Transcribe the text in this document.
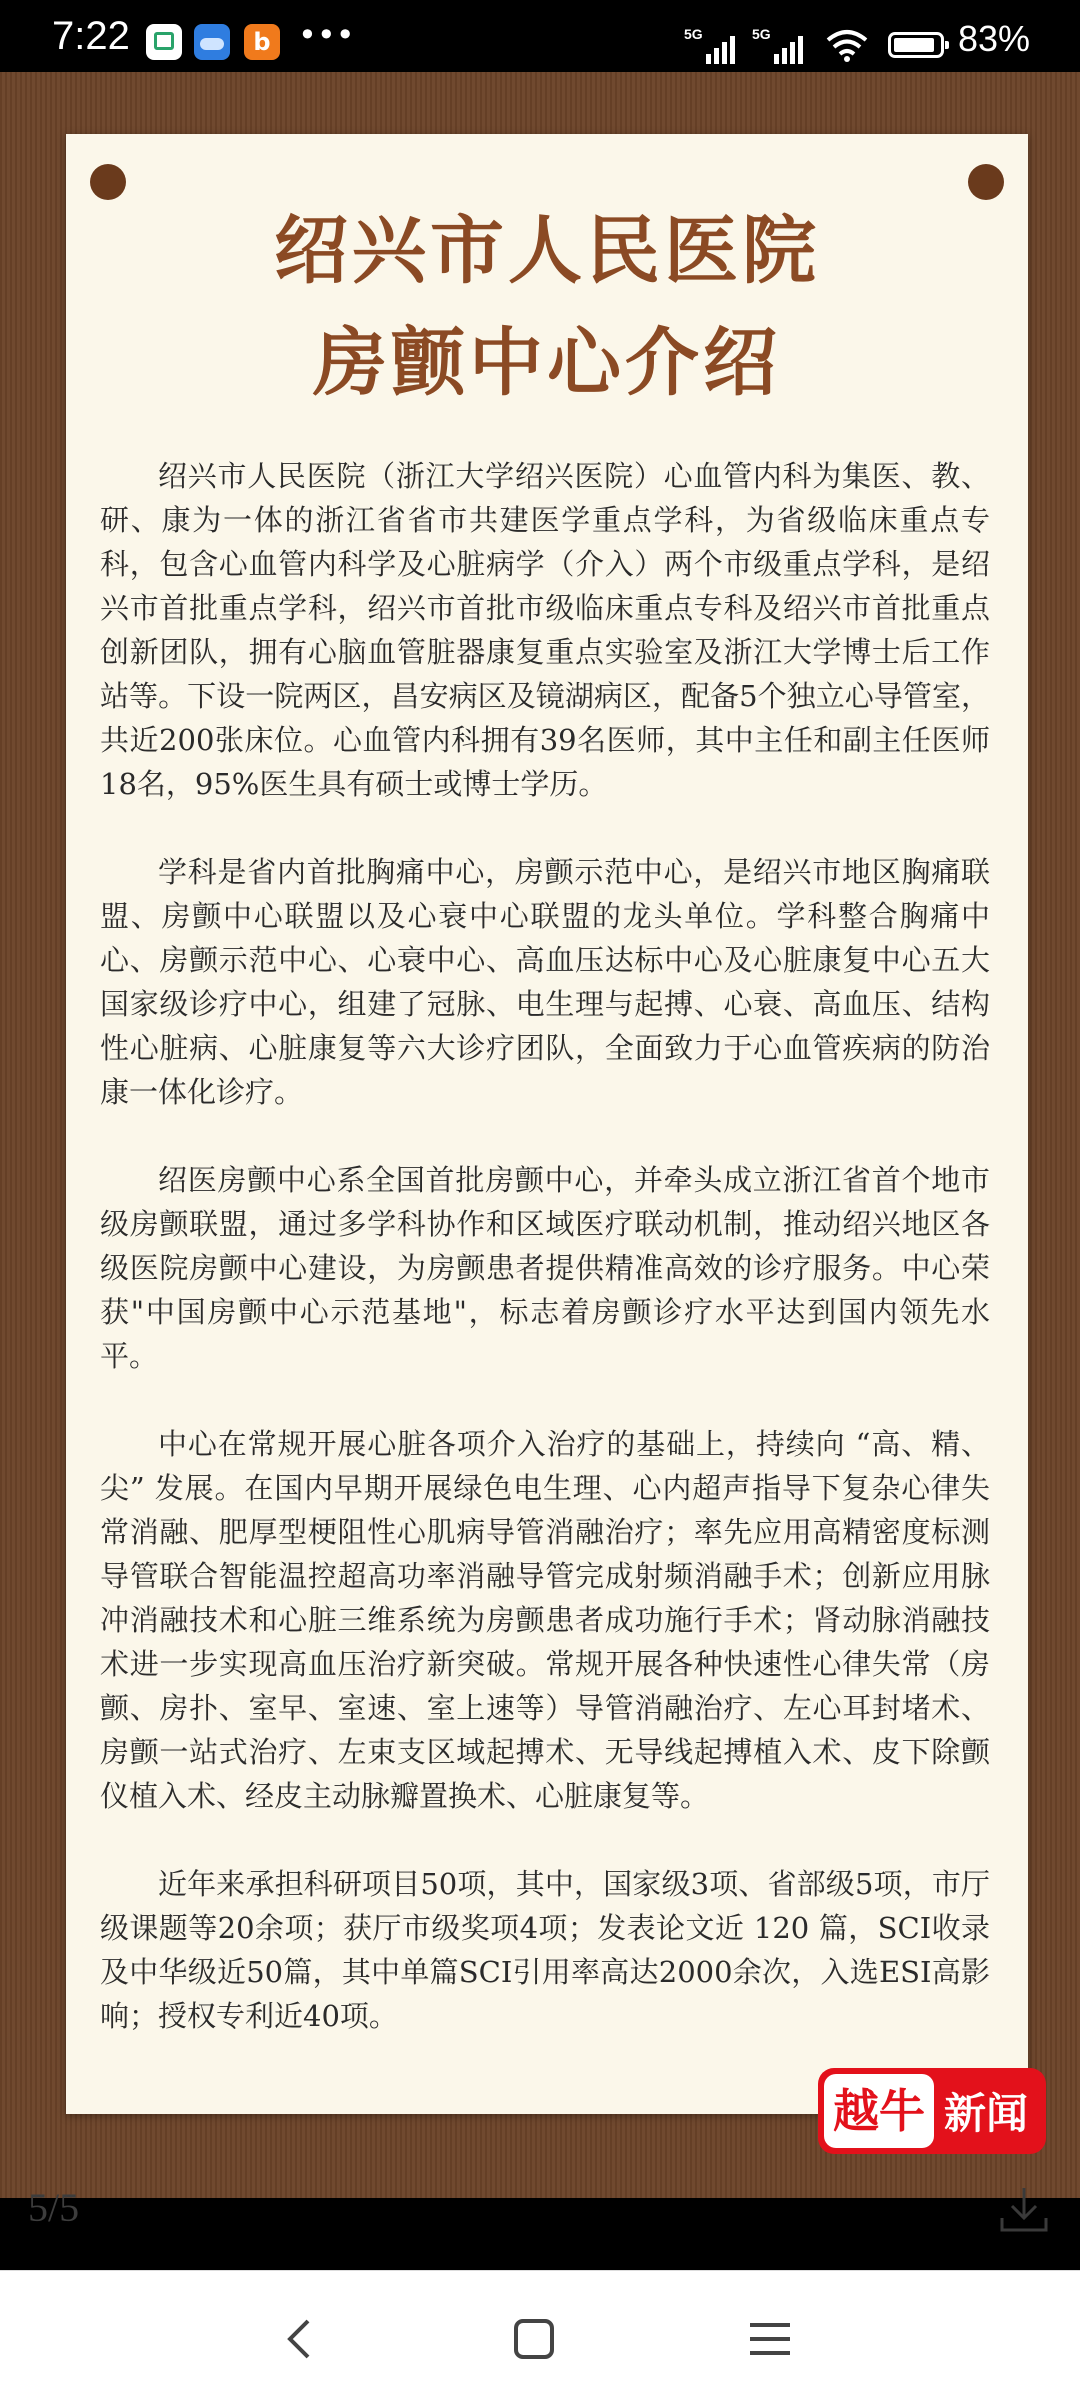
7:22	b •••	5G	5G	83%
绍兴市人民医院
房颤中心介绍

绍兴市人民医院（浙江大学绍兴医院）心血管内科为集医、教、研、康为一体的浙江省省市共建医学重点学科，为省级临床重点专科，包含心血管内科学及心脏病学（介入）两个市级重点学科，是绍兴市首批重点学科，绍兴市首批市级临床重点专科及绍兴市首批重点创新团队，拥有心脑血管脏器康复重点实验室及浙江大学博士后工作站等。下设一院两区，昌安病区及镜湖病区，配备5个独立心导管室，共近200张床位。心血管内科拥有39名医师，其中主任和副主任医师18名，95%医生具有硕士或博士学历。

学科是省内首批胸痛中心，房颤示范中心，是绍兴市地区胸痛联盟、房颤中心联盟以及心衰中心联盟的龙头单位。学科整合胸痛中心、房颤示范中心、心衰中心、高血压达标中心及心脏康复中心五大国家级诊疗中心，组建了冠脉、电生理与起搏、心衰、高血压、结构性心脏病、心脏康复等六大诊疗团队，全面致力于心血管疾病的防治康一体化诊疗。

绍医房颤中心系全国首批房颤中心，并牵头成立浙江省首个地市级房颤联盟，通过多学科协作和区域医疗联动机制，推动绍兴地区各级医院房颤中心建设，为房颤患者提供精准高效的诊疗服务。中心荣获"中国房颤中心示范基地"，标志着房颤诊疗水平达到国内领先水平。

中心在常规开展心脏各项介入治疗的基础上，持续向 “高、精、尖” 发展。在国内早期开展绿色电生理、心内超声指导下复杂心律失常消融、肥厚型梗阻性心肌病导管消融治疗；率先应用高精密度标测导管联合智能温控超高功率消融导管完成射频消融手术；创新应用脉冲消融技术和心脏三维系统为房颤患者成功施行手术；肾动脉消融技术进一步实现高血压治疗新突破。常规开展各种快速性心律失常（房颤、房扑、室早、室速、室上速等）导管消融治疗、左心耳封堵术、房颤一站式治疗、左束支区域起搏术、无导线起搏植入术、皮下除颤仪植入术、经皮主动脉瓣置换术、心脏康复等。

近年来承担科研项目50项，其中，国家级3项、省部级5项，市厅级课题等20余项；获厅市级奖项4项；发表论文近 120 篇，SCI收录及中华级近50篇，其中单篇SCI引用率高达2000余次，入选ESI高影响；授权专利近40项。

越牛 新闻
5/5
